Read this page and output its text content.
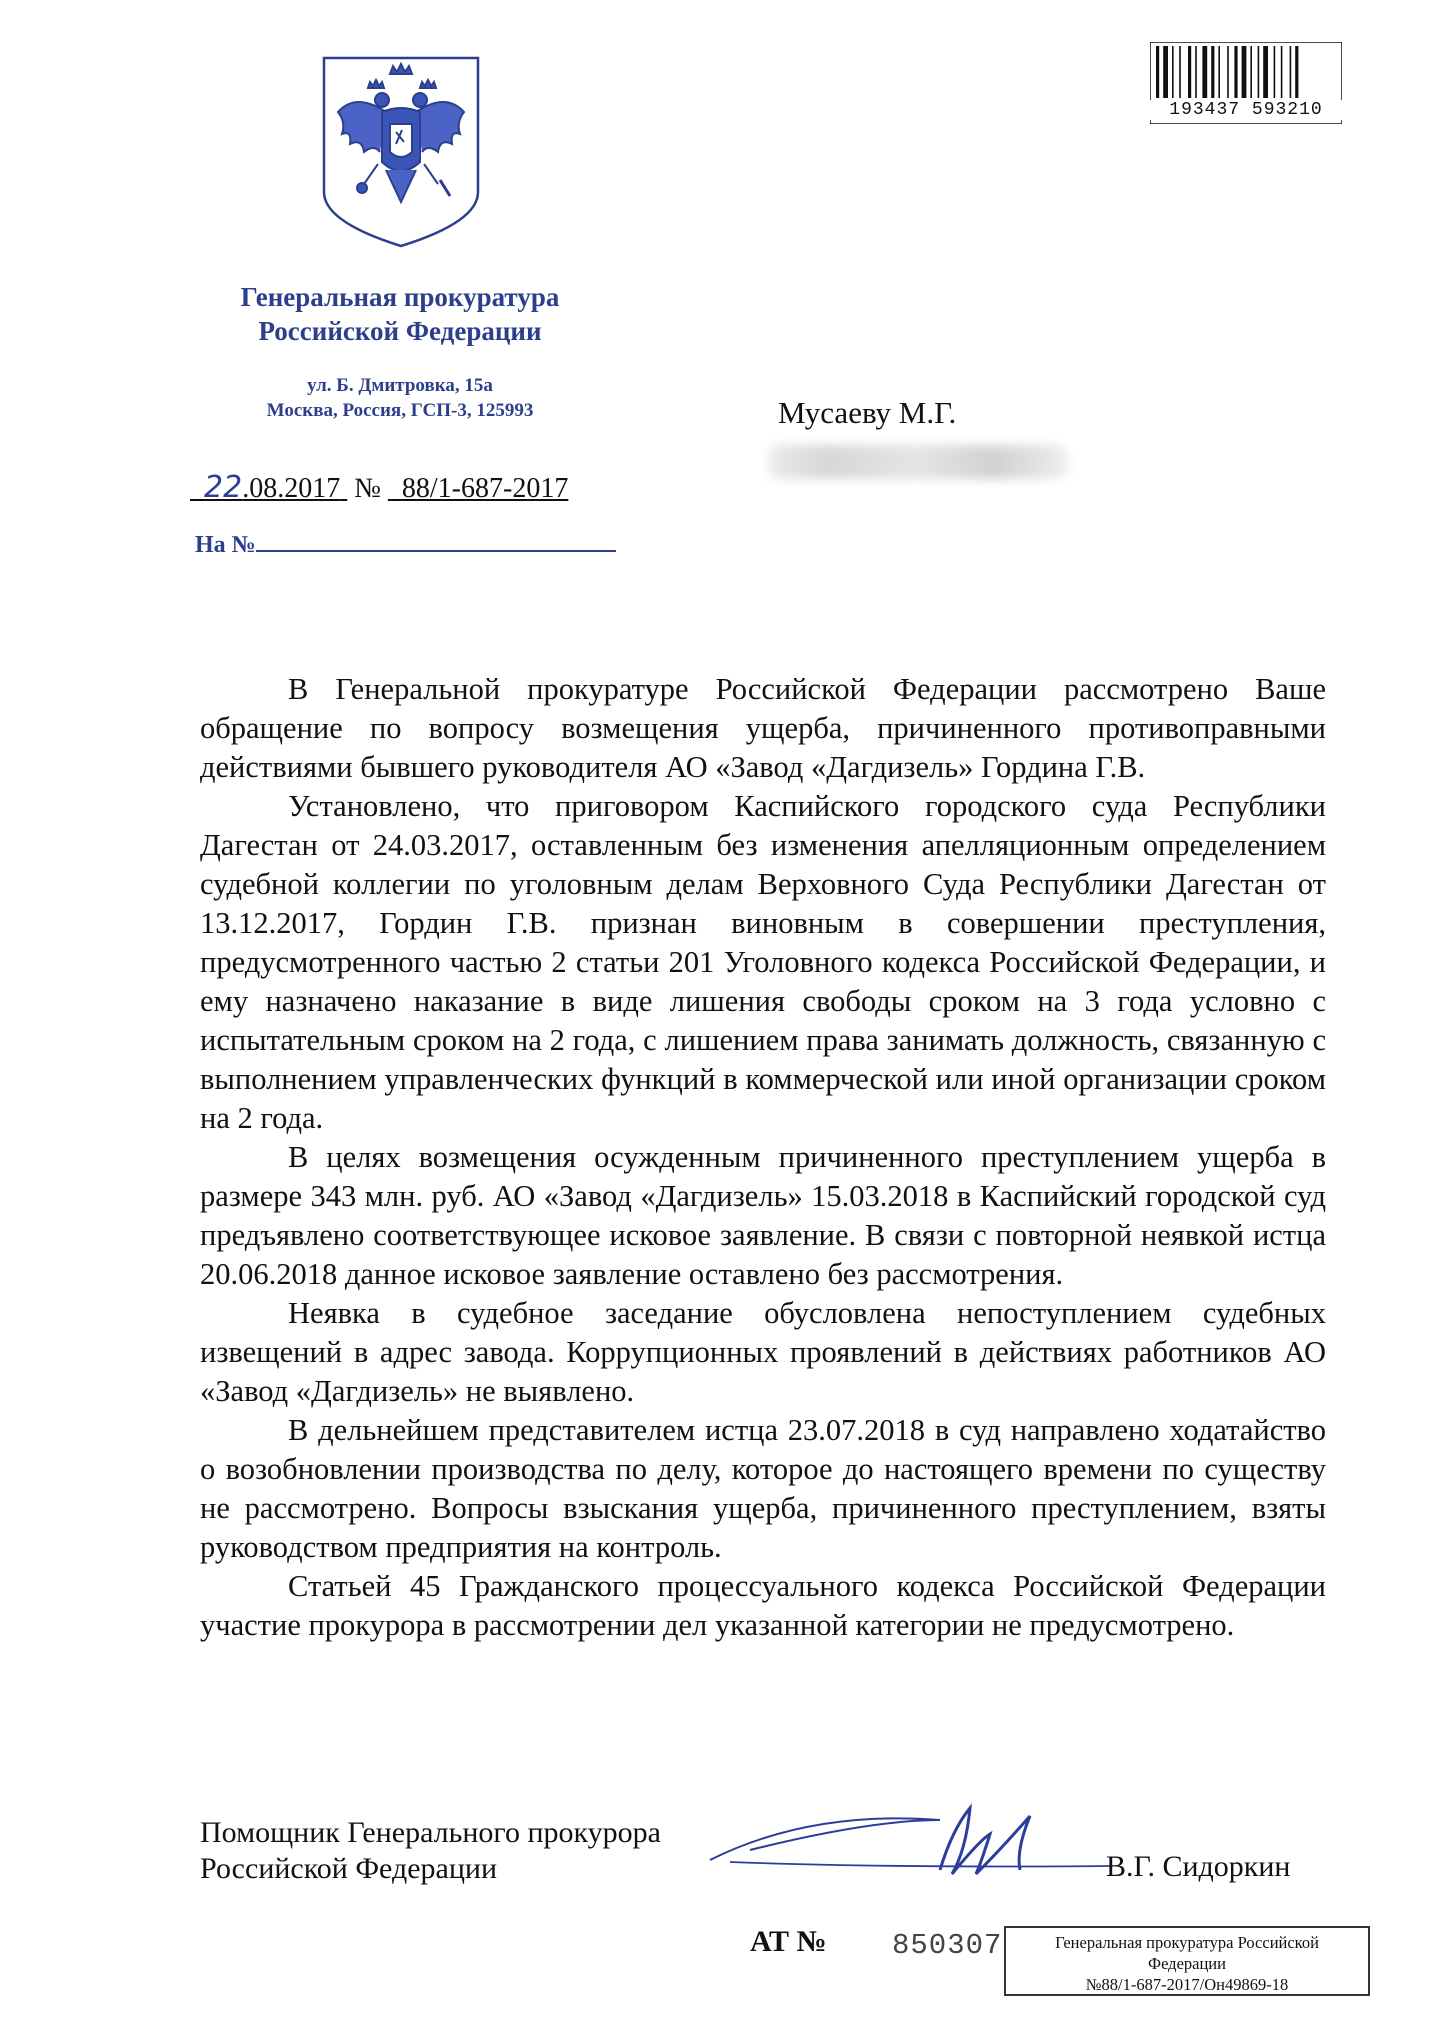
Генеральная прокуратура
Российской Федерации
ул. Б. Дмитровка, 15а
Москва, Россия, ГСП-3, 125993
193437 593210
22.08.2017 № 88/1-687-2017
На №
Мусаеву М.Г.

В Генеральной прокуратуре Российской Федерации рассмотрено Ваше обращение по вопросу возмещения ущерба, причиненного противоправными действиями бывшего руководителя АО «Завод «Дагдизель» Гордина Г.В.

Установлено, что приговором Каспийского городского суда Республики Дагестан от 24.03.2017, оставленным без изменения апелляционным определением судебной коллегии по уголовным делам Верховного Суда Республики Дагестан от 13.12.2017, Гордин Г.В. признан виновным в совершении преступления, предусмотренного частью 2 статьи 201 Уголовного кодекса Российской Федерации, и ему назначено наказание в виде лишения свободы сроком на 3 года условно с испытательным сроком на 2 года, с лишением права занимать должность, связанную с выполнением управленческих функций в коммерческой или иной организации сроком на 2 года.

В целях возмещения осужденным причиненного преступлением ущерба в размере 343 млн. руб. АО «Завод «Дагдизель» 15.03.2018 в Каспийский городской суд предъявлено соответствующее исковое заявление. В связи с повторной неявкой истца 20.06.2018 данное исковое заявление оставлено без рассмотрения.

Неявка в судебное заседание обусловлена непоступлением судебных извещений в адрес завода. Коррупционных проявлений в действиях работников АО «Завод «Дагдизель» не выявлено.

В дельнейшем представителем истца 23.07.2018 в суд направлено ходатайство о возобновлении производства по делу, которое до настоящего времени по существу не рассмотрено. Вопросы взыскания ущерба, причиненного преступлением, взяты руководством предприятия на контроль.

Статьей 45 Гражданского процессуального кодекса Российской Федерации участие прокурора в рассмотрении дел указанной категории не предусмотрено.

Помощник Генерального прокурора
Российской Федерации	В.Г. Сидоркин
АТ № 850307	Генеральная прокуратура Российской
Федерации
№88/1-687-2017/Он49869-18
